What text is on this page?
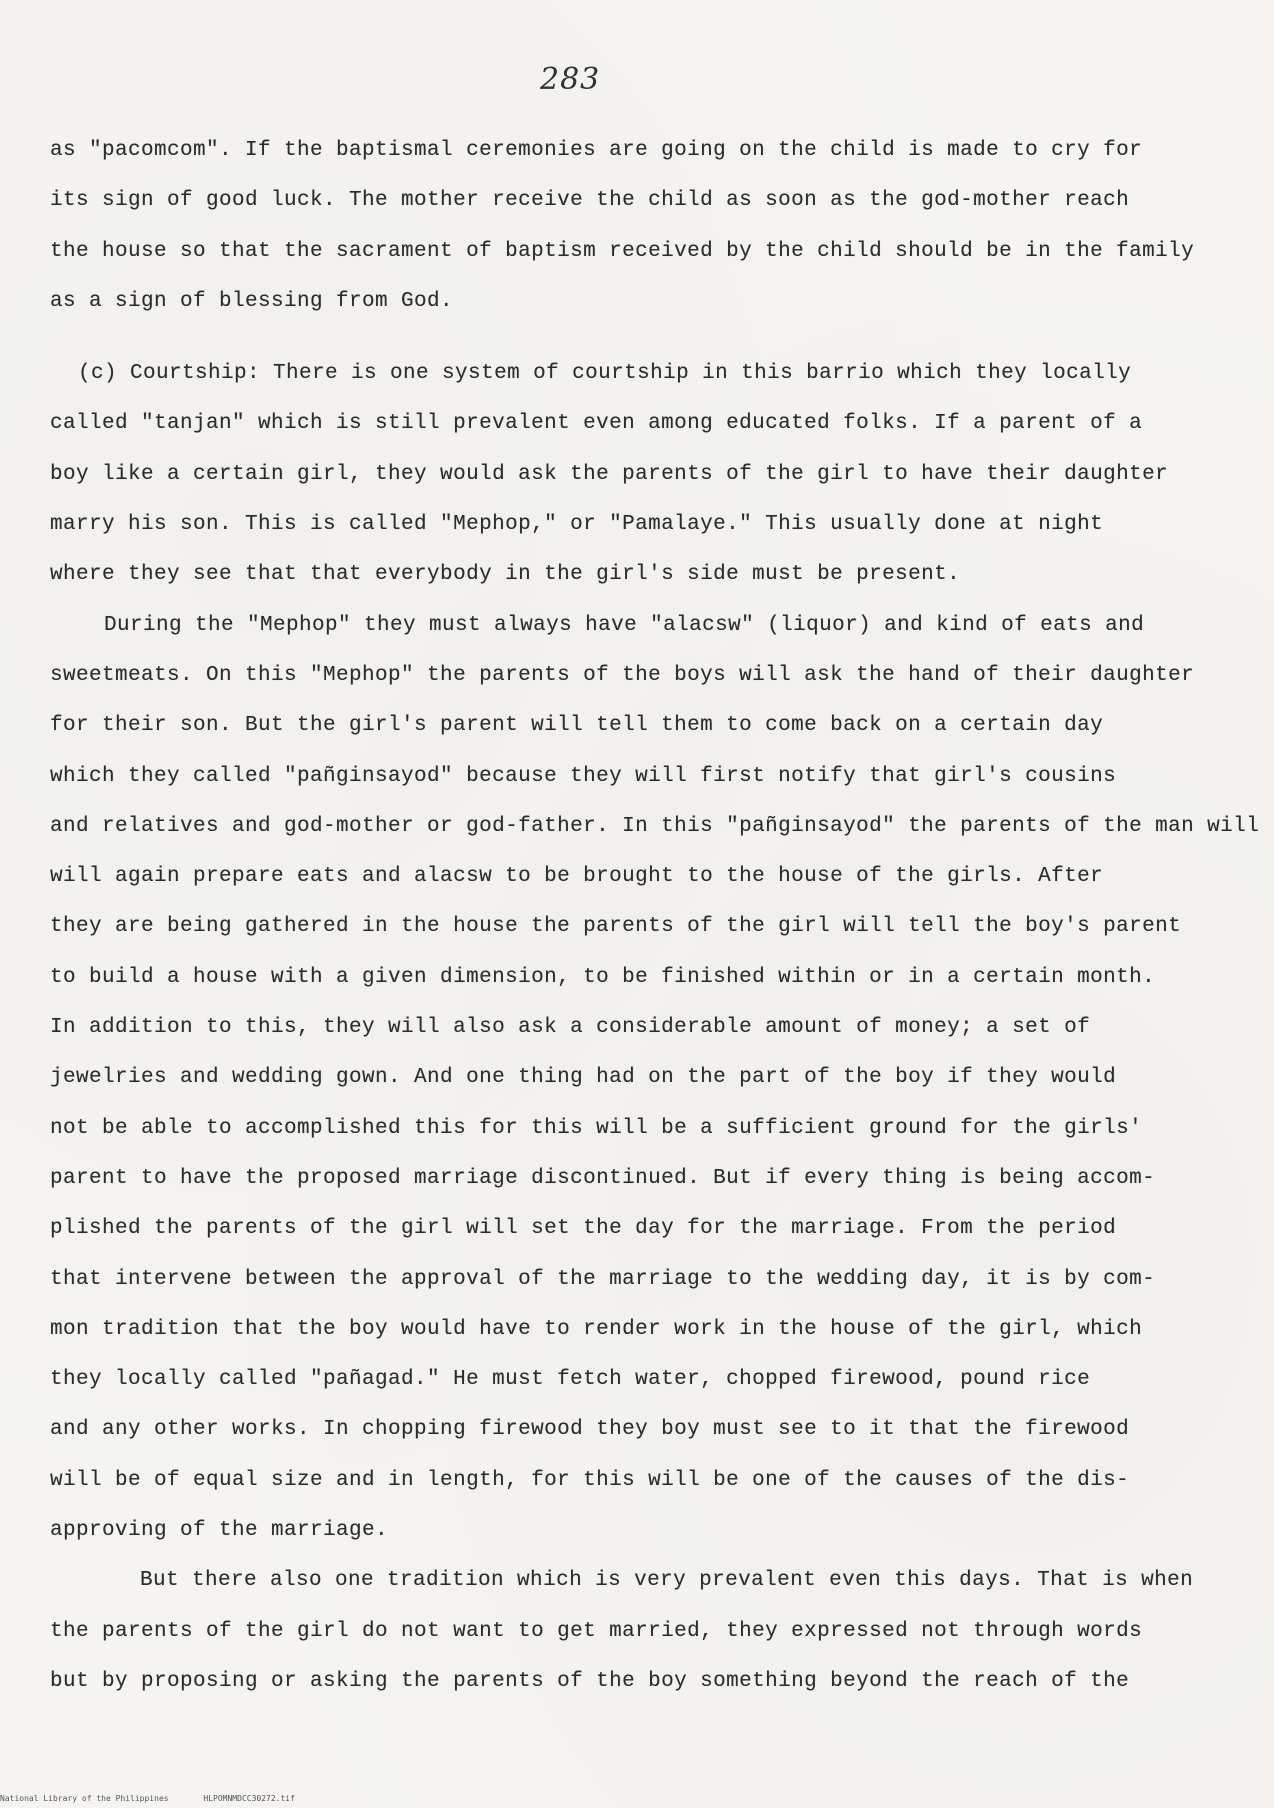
283
as "pacomcom". If the baptismal ceremonies are going on the child is made to cry for
its sign of good luck. The mother receive the child as soon as the god-mother reach
the house so that the sacrament of baptism received by the child should be in the family
as a sign of blessing from God.
(c) Courtship: There is one system of courtship in this barrio which they locally
called "tanjan" which is still prevalent even among educated folks. If a parent of a
boy like a certain girl, they would ask the parents of the girl to have their daughter
marry his son. This is called "Mephop," or "Pamalaye." This usually done at night
where they see that that everybody in the girl's side must be present.
During the "Mephop" they must always have "alacsw" (liquor) and kind of eats and
sweetmeats. On this "Mephop" the parents of the boys will ask the hand of their daughter
for their son. But the girl's parent will tell them to come back on a certain day
which they called "pañginsayod" because they will first notify that girl's cousins
and relatives and god-mother or god-father. In this "pañginsayod" the parents of the man will
will again prepare eats and alacsw to be brought to the house of the girls. After
they are being gathered in the house the parents of the girl will tell the boy's parent
to build a house with a given dimension, to be finished within or in a certain month.
In addition to this, they will also ask a considerable amount of money; a set of
jewelries and wedding gown. And one thing had on the part of the boy if they would
not be able to accomplished this for this will be a sufficient ground for the girls'
parent to have the proposed marriage discontinued. But if every thing is being accom-
plished the parents of the girl will set the day for the marriage. From the period
that intervene between the approval of the marriage to the wedding day, it is by com-
mon tradition that the boy would have to render work in the house of the girl, which
they locally called "pañagad." He must fetch water, chopped firewood, pound rice
and any other works. In chopping firewood they boy must see to it that the firewood
will be of equal size and in length, for this will be one of the causes of the dis-
approving of the marriage.
But there also one tradition which is very prevalent even this days. That is when
the parents of the girl do not want to get married, they expressed not through words
but by proposing or asking the parents of the boy something beyond the reach of the
National Library of the Philippines	HLPOMNMDCC30272.tif
